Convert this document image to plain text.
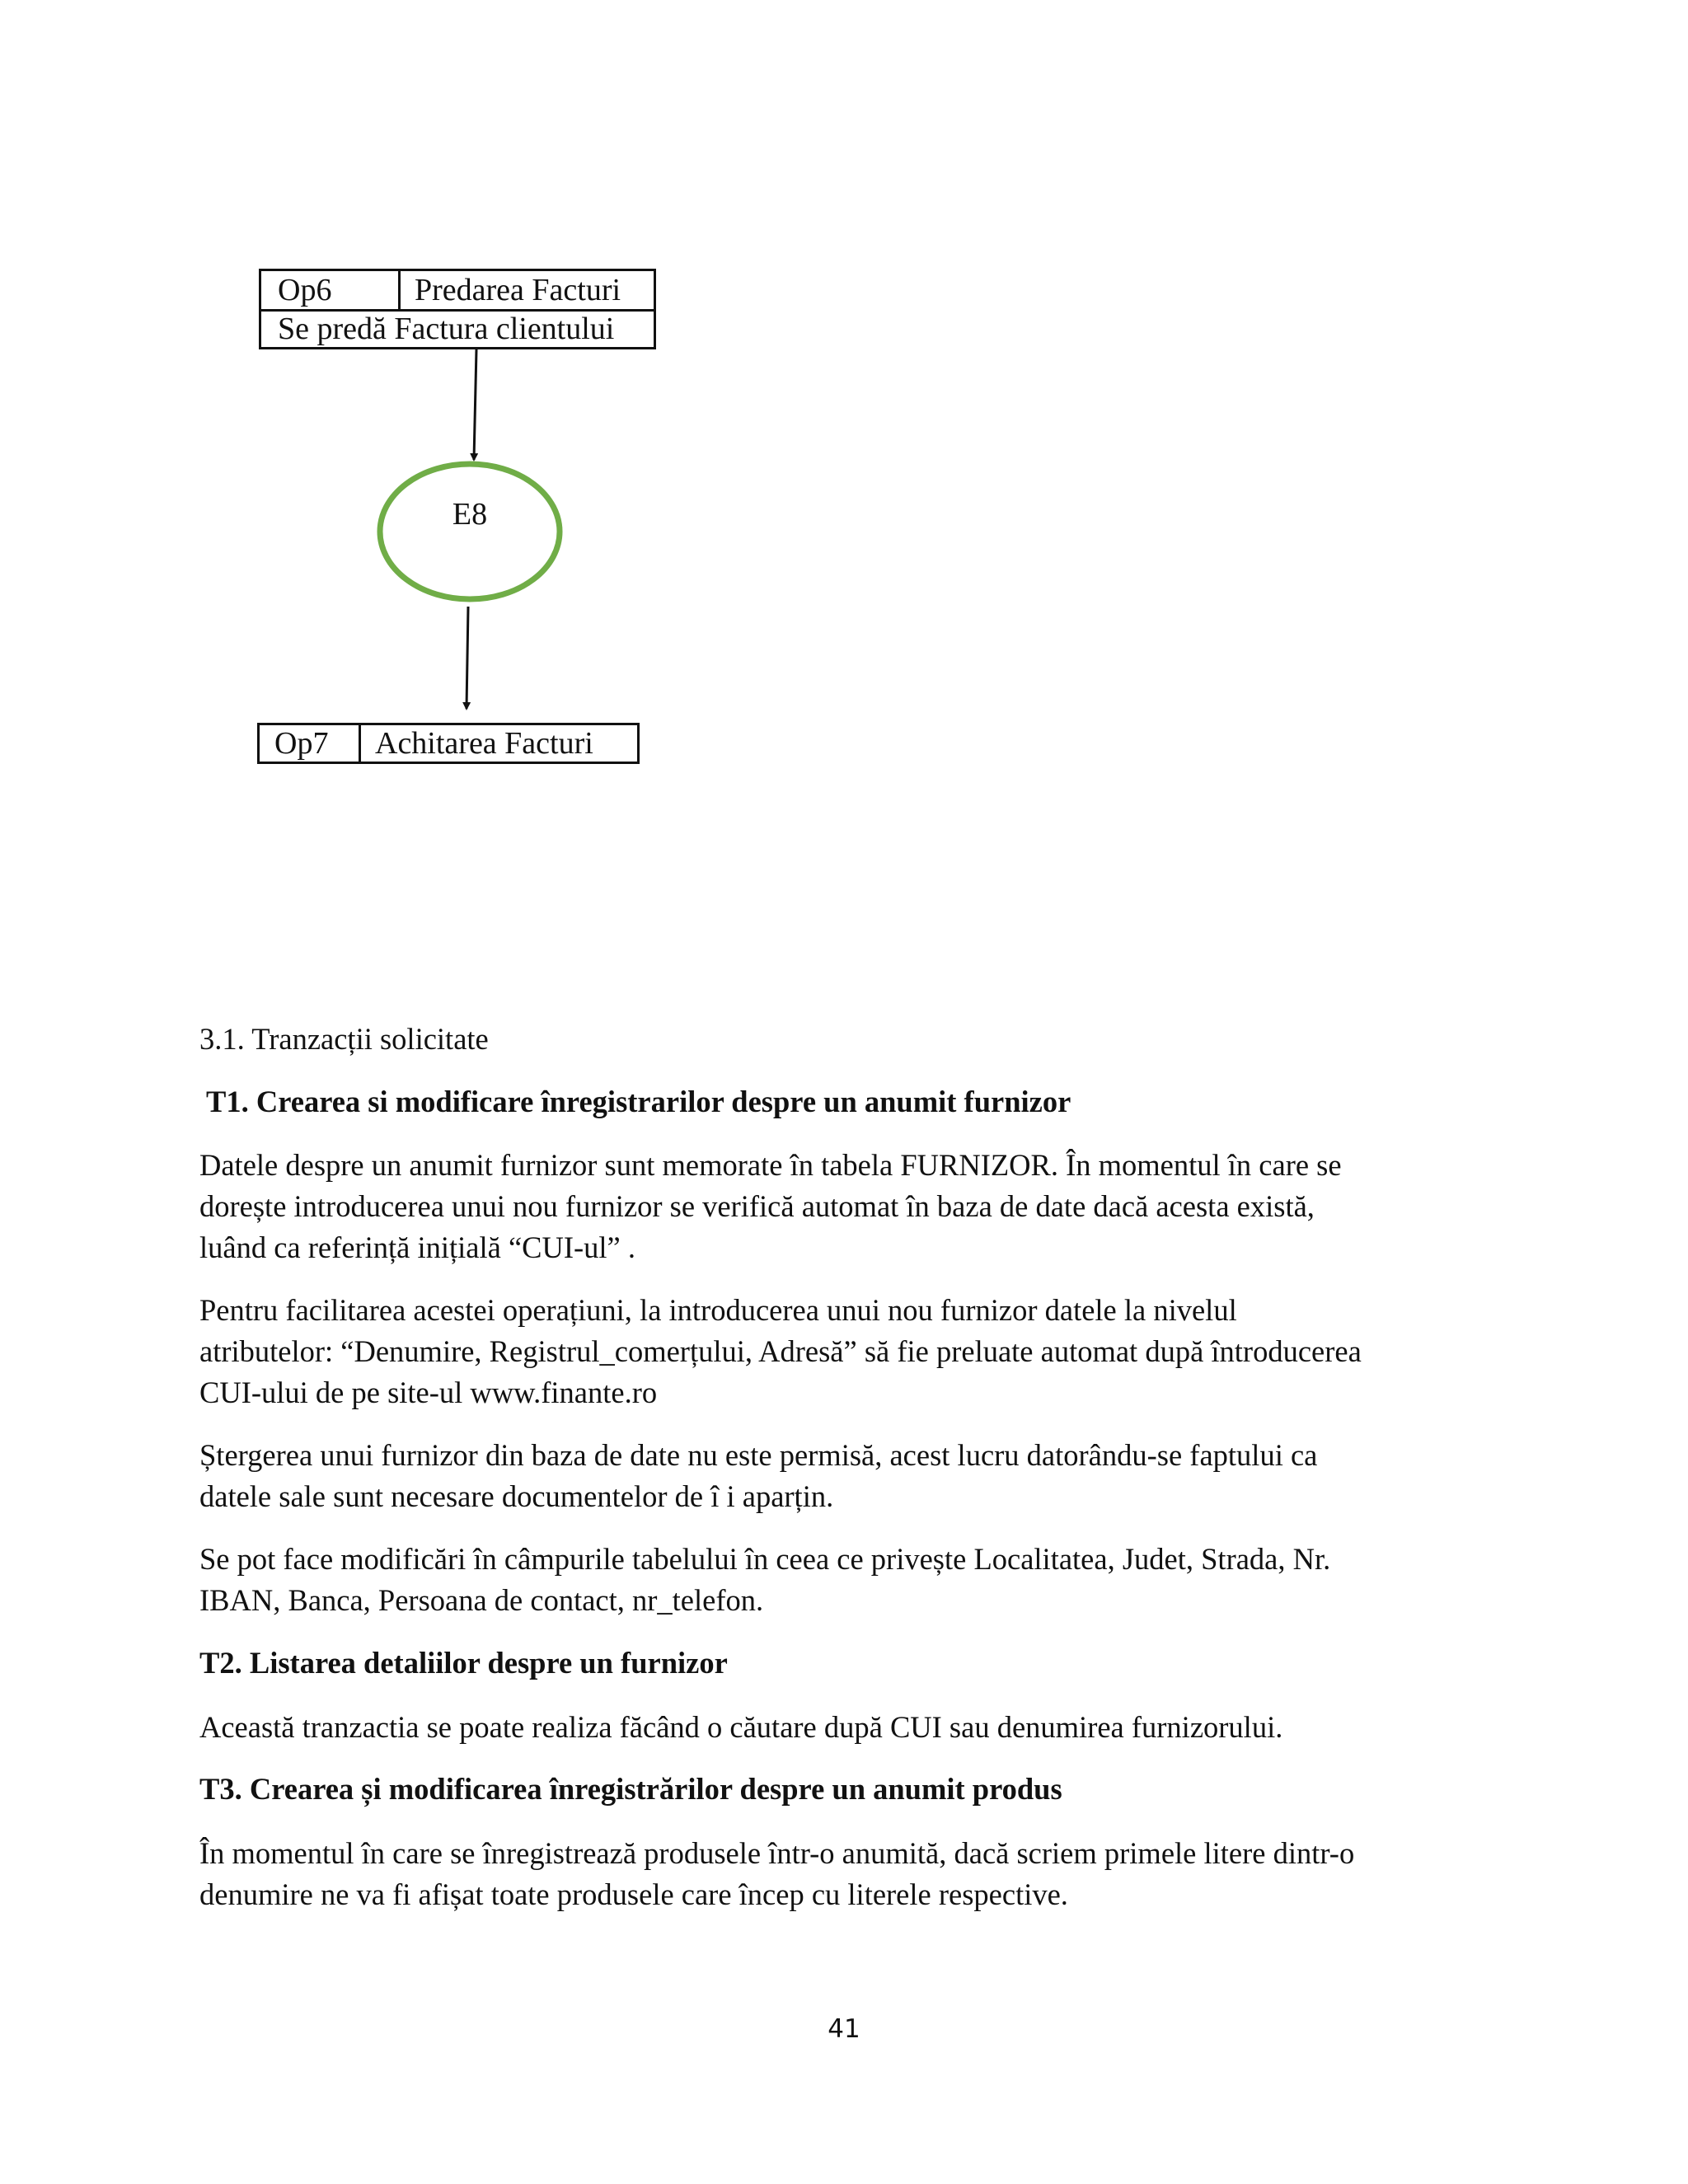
Op6	Predarea Facturi
Se predă Factura clientului
E8
Op7 Achitarea Facturi
3.1. Tranzacții solicitate
T1. Crearea si modificare înregistrarilor despre un anumit furnizor
Datele despre un anumit furnizor sunt memorate în tabela FURNIZOR. În momentul în care se
dorește introducerea unui nou furnizor se verifică automat în baza de date dacă acesta există,
luând ca referință inițială “CUI-ul” .
Pentru facilitarea acestei operațiuni, la introducerea unui nou furnizor datele la nivelul
atributelor: “Denumire, Registrul_comerțului, Adresă” să fie preluate automat după întroducerea
CUI-ului de pe site-ul www.finante.ro
Ștergerea unui furnizor din baza de date nu este permisă, acest lucru datorându-se faptului ca
datele sale sunt necesare documentelor de î i aparțin.
Se pot face modificări în câmpurile tabelului în ceea ce privește Localitatea, Judet, Strada, Nr.
IBAN, Banca, Persoana de contact, nr_telefon.
T2. Listarea detaliilor despre un furnizor
Această tranzactia se poate realiza făcând o căutare după CUI sau denumirea furnizorului.
T3. Crearea și modificarea înregistrărilor despre un anumit produs
În momentul în care se înregistrează produsele într-o anumită, dacă scriem primele litere dintr-o
denumire ne va fi afișat toate produsele care încep cu literele respective.
41
